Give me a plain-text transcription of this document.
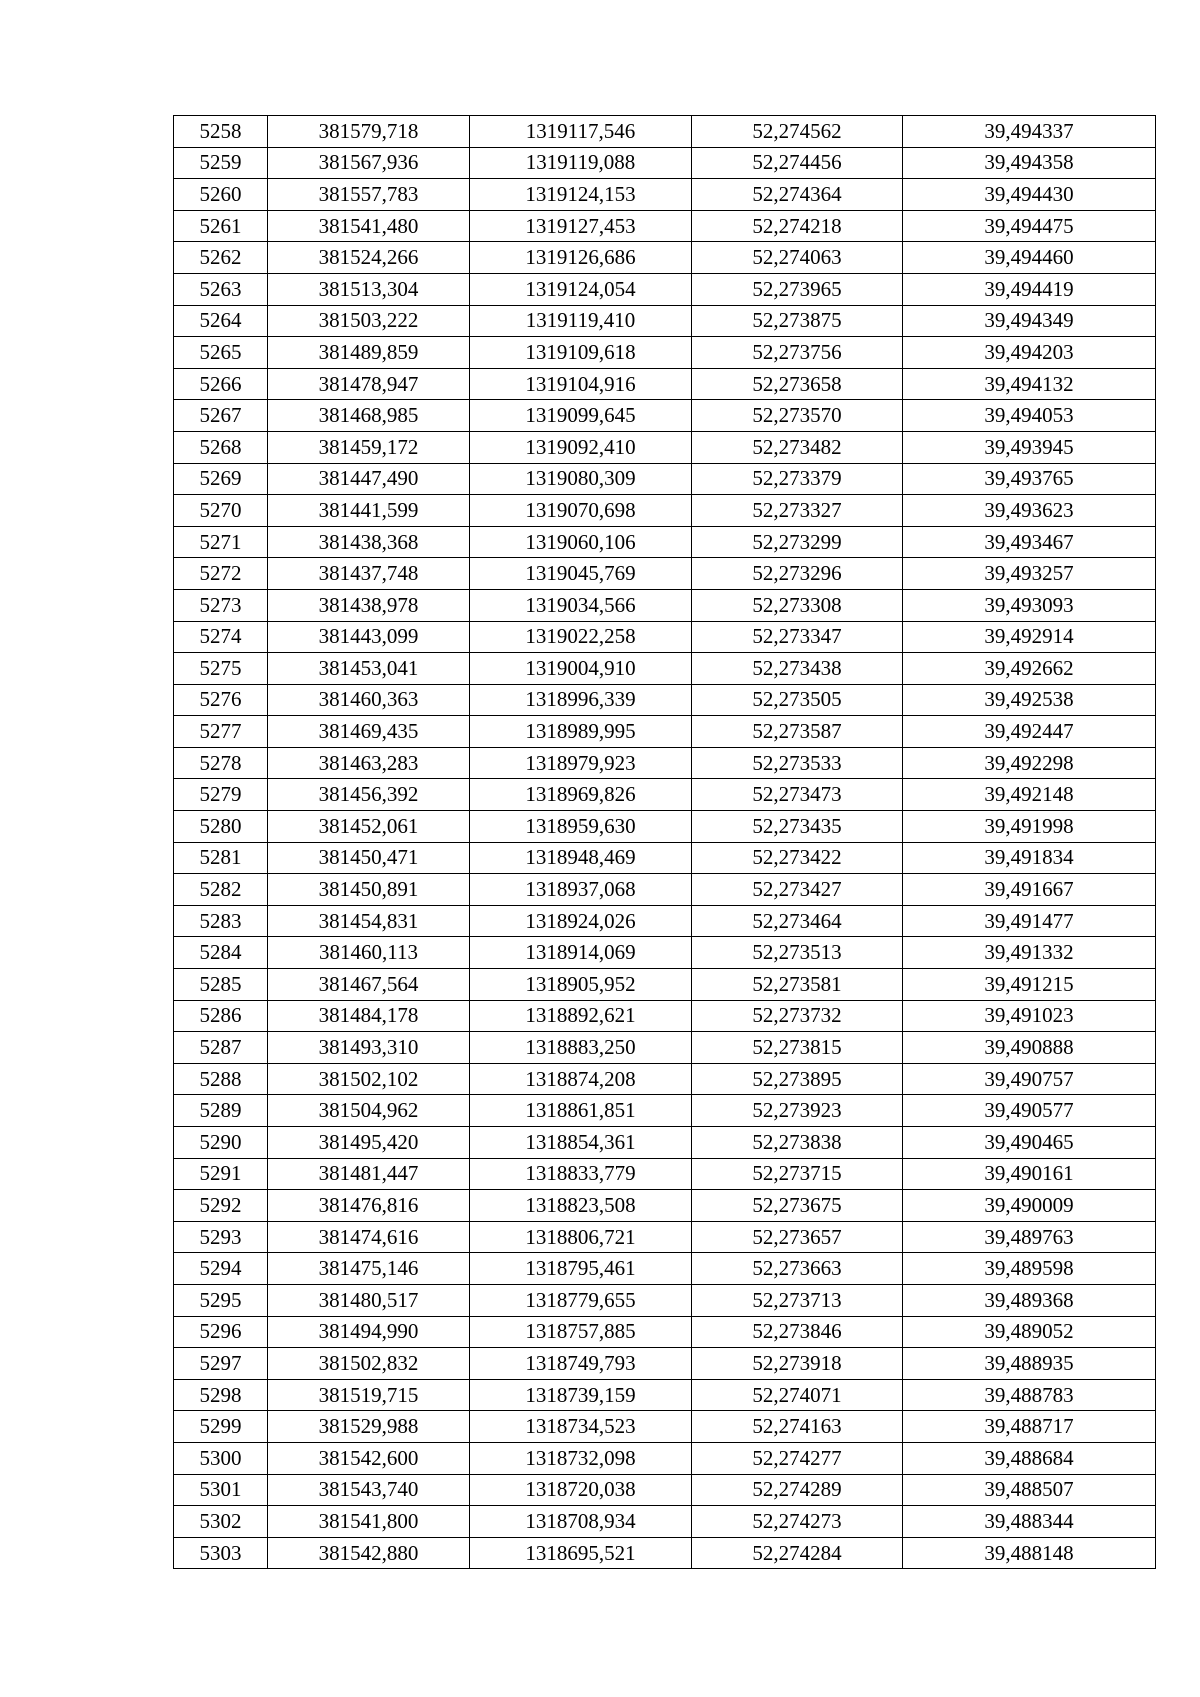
5258	381579,718	1319117,546	52,274562	39,494337
5259	381567,936	1319119,088	52,274456	39,494358
5260	381557,783	1319124,153	52,274364	39,494430
5261	381541,480	1319127,453	52,274218	39,494475
5262	381524,266	1319126,686	52,274063	39,494460
5263	381513,304	1319124,054	52,273965	39,494419
5264	381503,222	1319119,410	52,273875	39,494349
5265	381489,859	1319109,618	52,273756	39,494203
5266	381478,947	1319104,916	52,273658	39,494132
5267	381468,985	1319099,645	52,273570	39,494053
5268	381459,172	1319092,410	52,273482	39,493945
5269	381447,490	1319080,309	52,273379	39,493765
5270	381441,599	1319070,698	52,273327	39,493623
5271	381438,368	1319060,106	52,273299	39,493467
5272	381437,748	1319045,769	52,273296	39,493257
5273	381438,978	1319034,566	52,273308	39,493093
5274	381443,099	1319022,258	52,273347	39,492914
5275	381453,041	1319004,910	52,273438	39,492662
5276	381460,363	1318996,339	52,273505	39,492538
5277	381469,435	1318989,995	52,273587	39,492447
5278	381463,283	1318979,923	52,273533	39,492298
5279	381456,392	1318969,826	52,273473	39,492148
5280	381452,061	1318959,630	52,273435	39,491998
5281	381450,471	1318948,469	52,273422	39,491834
5282	381450,891	1318937,068	52,273427	39,491667
5283	381454,831	1318924,026	52,273464	39,491477
5284	381460,113	1318914,069	52,273513	39,491332
5285	381467,564	1318905,952	52,273581	39,491215
5286	381484,178	1318892,621	52,273732	39,491023
5287	381493,310	1318883,250	52,273815	39,490888
5288	381502,102	1318874,208	52,273895	39,490757
5289	381504,962	1318861,851	52,273923	39,490577
5290	381495,420	1318854,361	52,273838	39,490465
5291	381481,447	1318833,779	52,273715	39,490161
5292	381476,816	1318823,508	52,273675	39,490009
5293	381474,616	1318806,721	52,273657	39,489763
5294	381475,146	1318795,461	52,273663	39,489598
5295	381480,517	1318779,655	52,273713	39,489368
5296	381494,990	1318757,885	52,273846	39,489052
5297	381502,832	1318749,793	52,273918	39,488935
5298	381519,715	1318739,159	52,274071	39,488783
5299	381529,988	1318734,523	52,274163	39,488717
5300	381542,600	1318732,098	52,274277	39,488684
5301	381543,740	1318720,038	52,274289	39,488507
5302	381541,800	1318708,934	52,274273	39,488344
5303	381542,880	1318695,521	52,274284	39,488148
